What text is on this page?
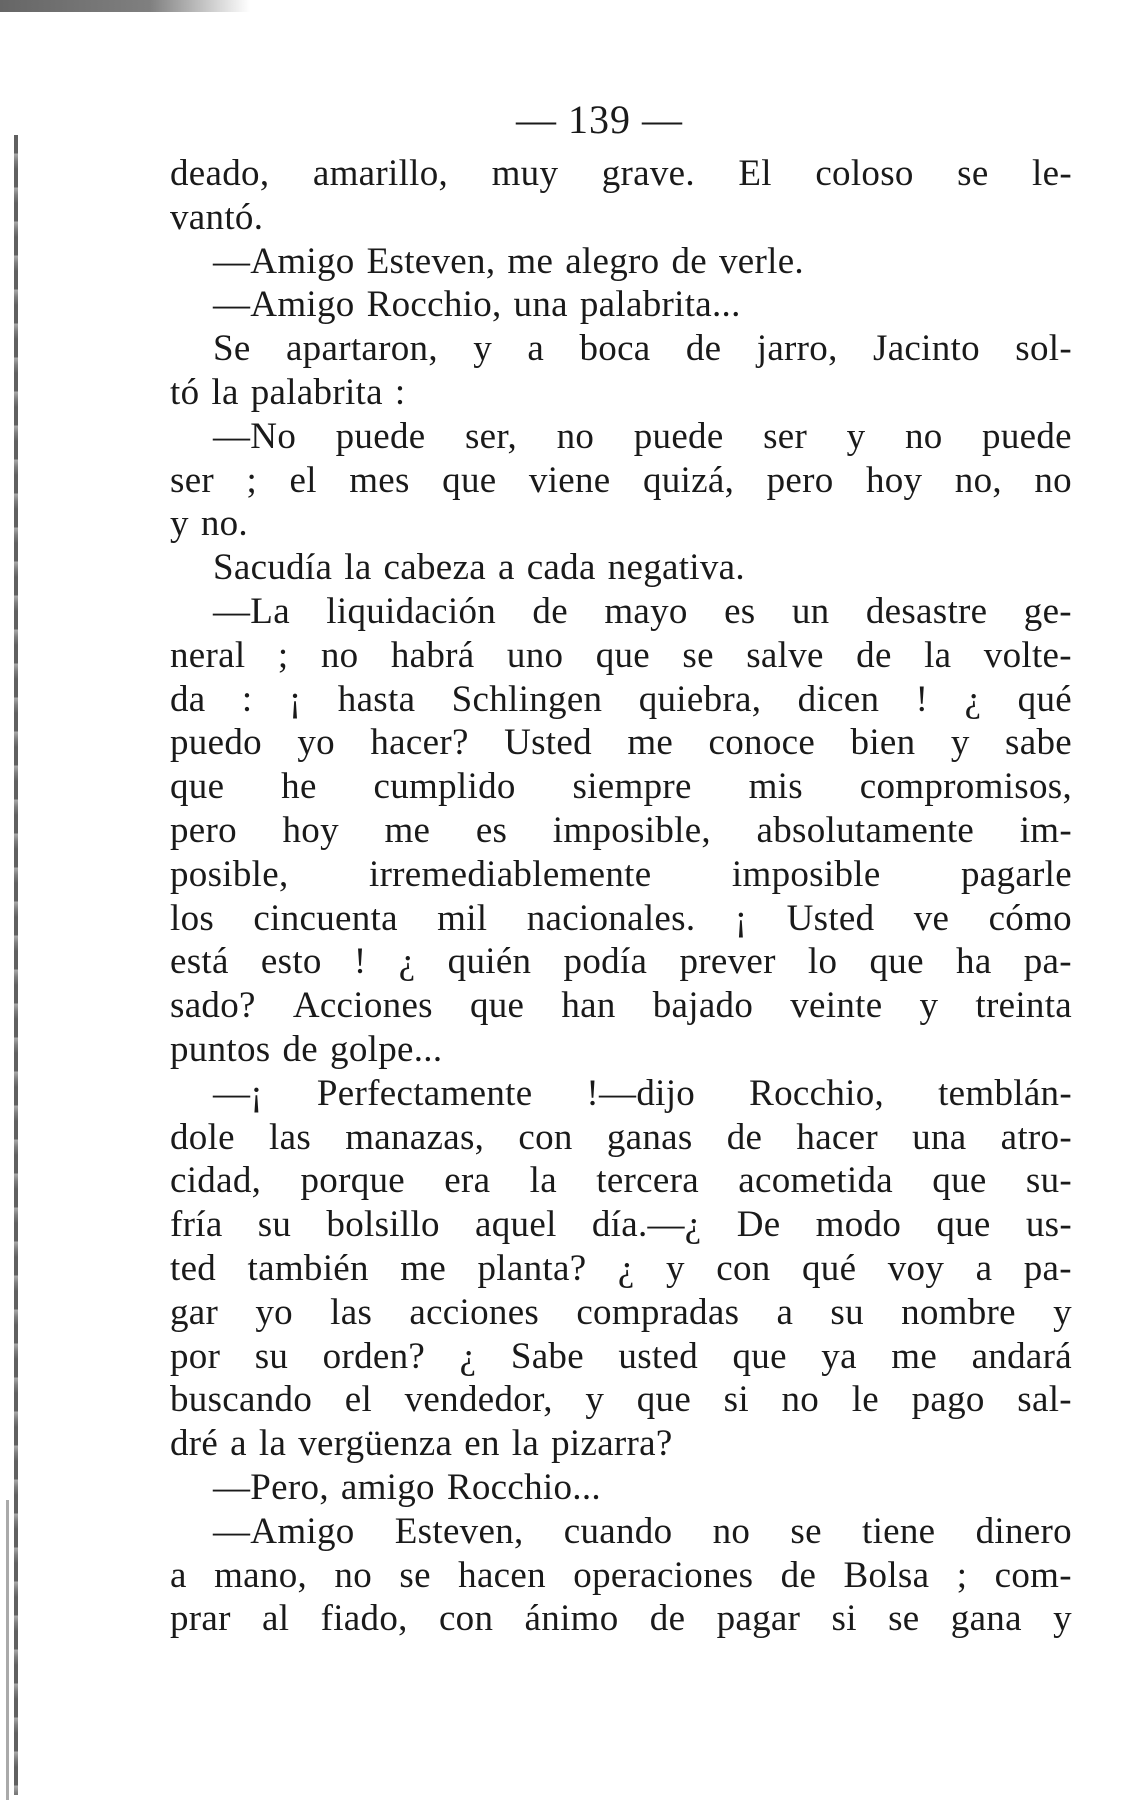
— 139 —
deado, amarillo, muy grave. El coloso se le-
vantó.
—Amigo Esteven, me alegro de verle.
—Amigo Rocchio, una palabrita...
Se apartaron, y a boca de jarro, Jacinto sol-
tó la palabrita :
—No puede ser, no puede ser y no puede
ser ; el mes que viene quizá, pero hoy no, no
y no.
Sacudía la cabeza a cada negativa.
—La liquidación de mayo es un desastre ge-
neral ; no habrá uno que se salve de la volte-
da : ¡ hasta Schlingen quiebra, dicen ! ¿ qué
puedo yo hacer? Usted me conoce bien y sabe
que he cumplido siempre mis compromisos,
pero hoy me es imposible, absolutamente im-
posible, irremediablemente imposible pagarle
los cincuenta mil nacionales. ¡ Usted ve cómo
está esto ! ¿ quién podía prever lo que ha pa-
sado? Acciones que han bajado veinte y treinta
puntos de golpe...
—¡ Perfectamente !—dijo Rocchio, temblán-
dole las manazas, con ganas de hacer una atro-
cidad, porque era la tercera acometida que su-
fría su bolsillo aquel día.—¿ De modo que us-
ted también me planta? ¿ y con qué voy a pa-
gar yo las acciones compradas a su nombre y
por su orden? ¿ Sabe usted que ya me andará
buscando el vendedor, y que si no le pago sal-
dré a la vergüenza en la pizarra?
—Pero, amigo Rocchio...
—Amigo Esteven, cuando no se tiene dinero
a mano, no se hacen operaciones de Bolsa ; com-
prar al fiado, con ánimo de pagar si se gana y
